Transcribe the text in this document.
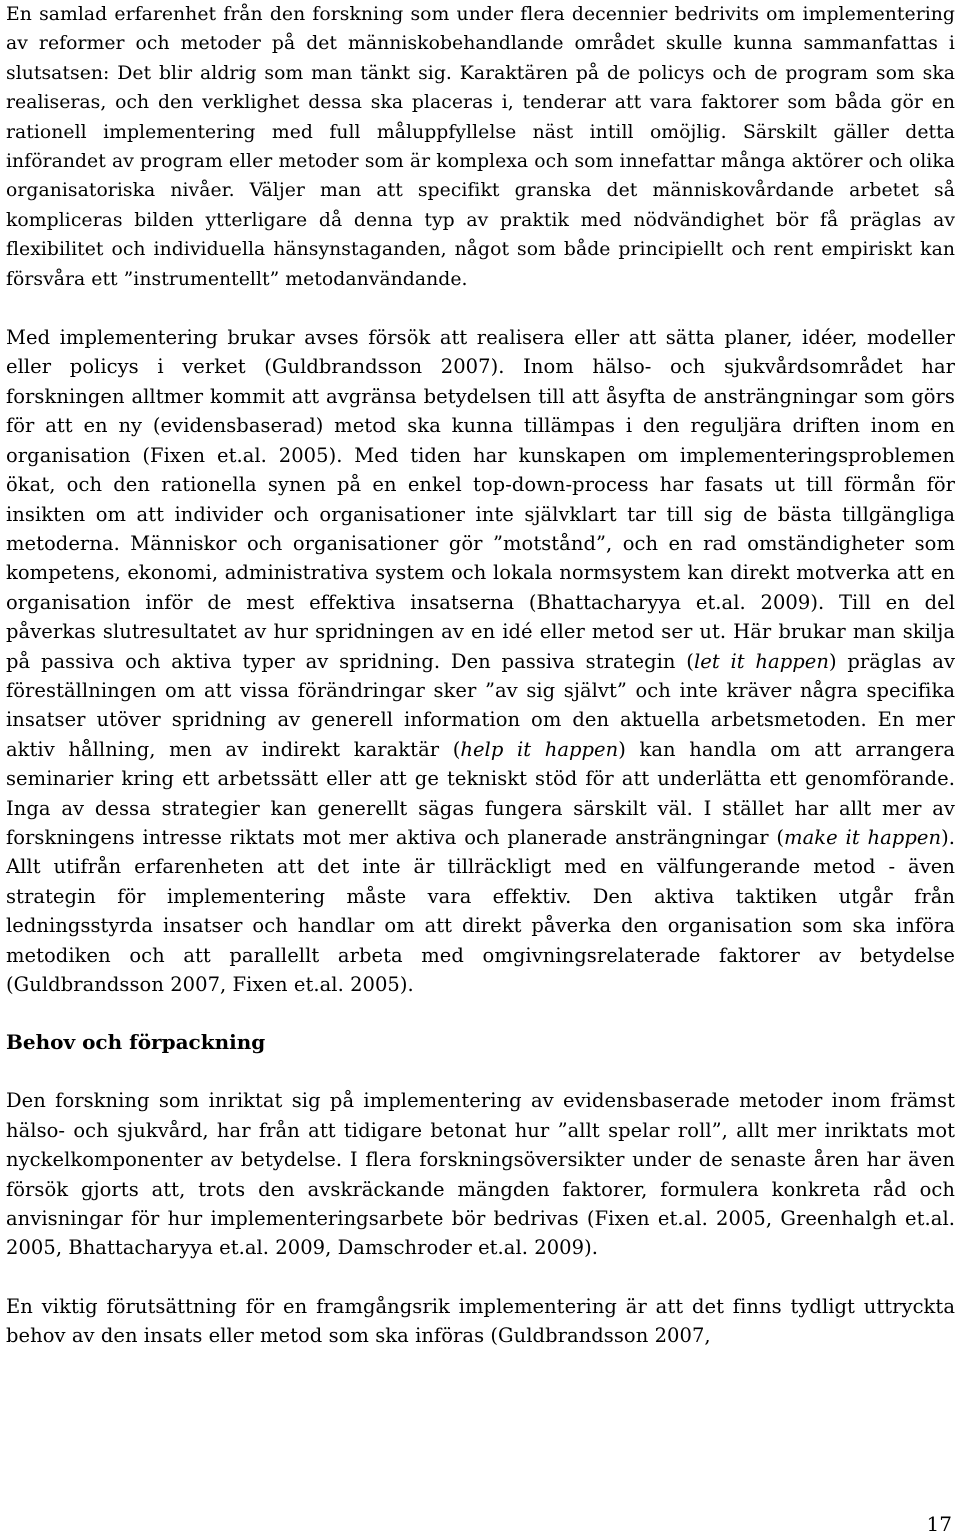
En samlad erfarenhet från den forskning som under flera decennier bedrivits om implementering av reformer och metoder på det människobehandlande området skulle kunna sammanfattas i slutsatsen: Det blir aldrig som man tänkt sig. Karaktären på de policys och de program som ska realiseras, och den verklighet dessa ska placeras i, tenderar att vara faktorer som båda gör en rationell implementering med full måluppfyllelse näst intill omöjlig. Särskilt gäller detta införandet av program eller metoder som är komplexa och som innefattar många aktörer och olika organisatoriska nivåer. Väljer man att specifikt granska det människovårdande arbetet så kompliceras bilden ytterligare då denna typ av praktik med nödvändighet bör få präglas av flexibilitet och individuella hänsynstaganden, något som både principiellt och rent empiriskt kan försvåra ett ”instrumentellt” metodanvändande.

Med implementering brukar avses försök att realisera eller att sätta planer, idéer, modeller eller policys i verket (Guldbrandsson 2007). Inom hälso- och sjukvårdsområdet har forskningen alltmer kommit att avgränsa betydelsen till att åsyfta de ansträngningar som görs för att en ny (evidensbaserad) metod ska kunna tillämpas i den reguljära driften inom en organisation (Fixen et.al. 2005). Med tiden har kunskapen om implementeringsproblemen ökat, och den rationella synen på en enkel top-down-process har fasats ut till förmån för insikten om att individer och organisationer inte självklart tar till sig de bästa tillgängliga metoderna. Människor och organisationer gör ”motstånd”, och en rad omständigheter som kompetens, ekonomi, administrativa system och lokala normsystem kan direkt motverka att en organisation inför de mest effektiva insatserna (Bhattacharyya et.al. 2009). Till en del påverkas slutresultatet av hur spridningen av en idé eller metod ser ut. Här brukar man skilja på passiva och aktiva typer av spridning. Den passiva strategin (let it happen) präglas av föreställningen om att vissa förändringar sker ”av sig självt” och inte kräver några specifika insatser utöver spridning av generell information om den aktuella arbetsmetoden. En mer aktiv hållning, men av indirekt karaktär (help it happen) kan handla om att arrangera seminarier kring ett arbetssätt eller att ge tekniskt stöd för att underlätta ett genomförande. Inga av dessa strategier kan generellt sägas fungera särskilt väl. I stället har allt mer av forskningens intresse riktats mot mer aktiva och planerade ansträngningar (make it happen). Allt utifrån erfarenheten att det inte är tillräckligt med en välfungerande metod - även strategin för implementering måste vara effektiv. Den aktiva taktiken utgår från ledningsstyrda insatser och handlar om att direkt påverka den organisation som ska införa metodiken och att parallellt arbeta med omgivningsrelaterade faktorer av betydelse (Guldbrandsson 2007, Fixen et.al. 2005).

Behov och förpackning

Den forskning som inriktat sig på implementering av evidensbaserade metoder inom främst hälso- och sjukvård, har från att tidigare betonat hur ”allt spelar roll”, allt mer inriktats mot nyckelkomponenter av betydelse. I flera forskningsöversikter under de senaste åren har även försök gjorts att, trots den avskräckande mängden faktorer, formulera konkreta råd och anvisningar för hur implementeringsarbete bör bedrivas (Fixen et.al. 2005, Greenhalgh et.al. 2005, Bhattacharyya et.al. 2009, Damschroder et.al. 2009).

En viktig förutsättning för en framgångsrik implementering är att det finns tydligt uttryckta behov av den insats eller metod som ska införas (Guldbrandsson 2007,

17
